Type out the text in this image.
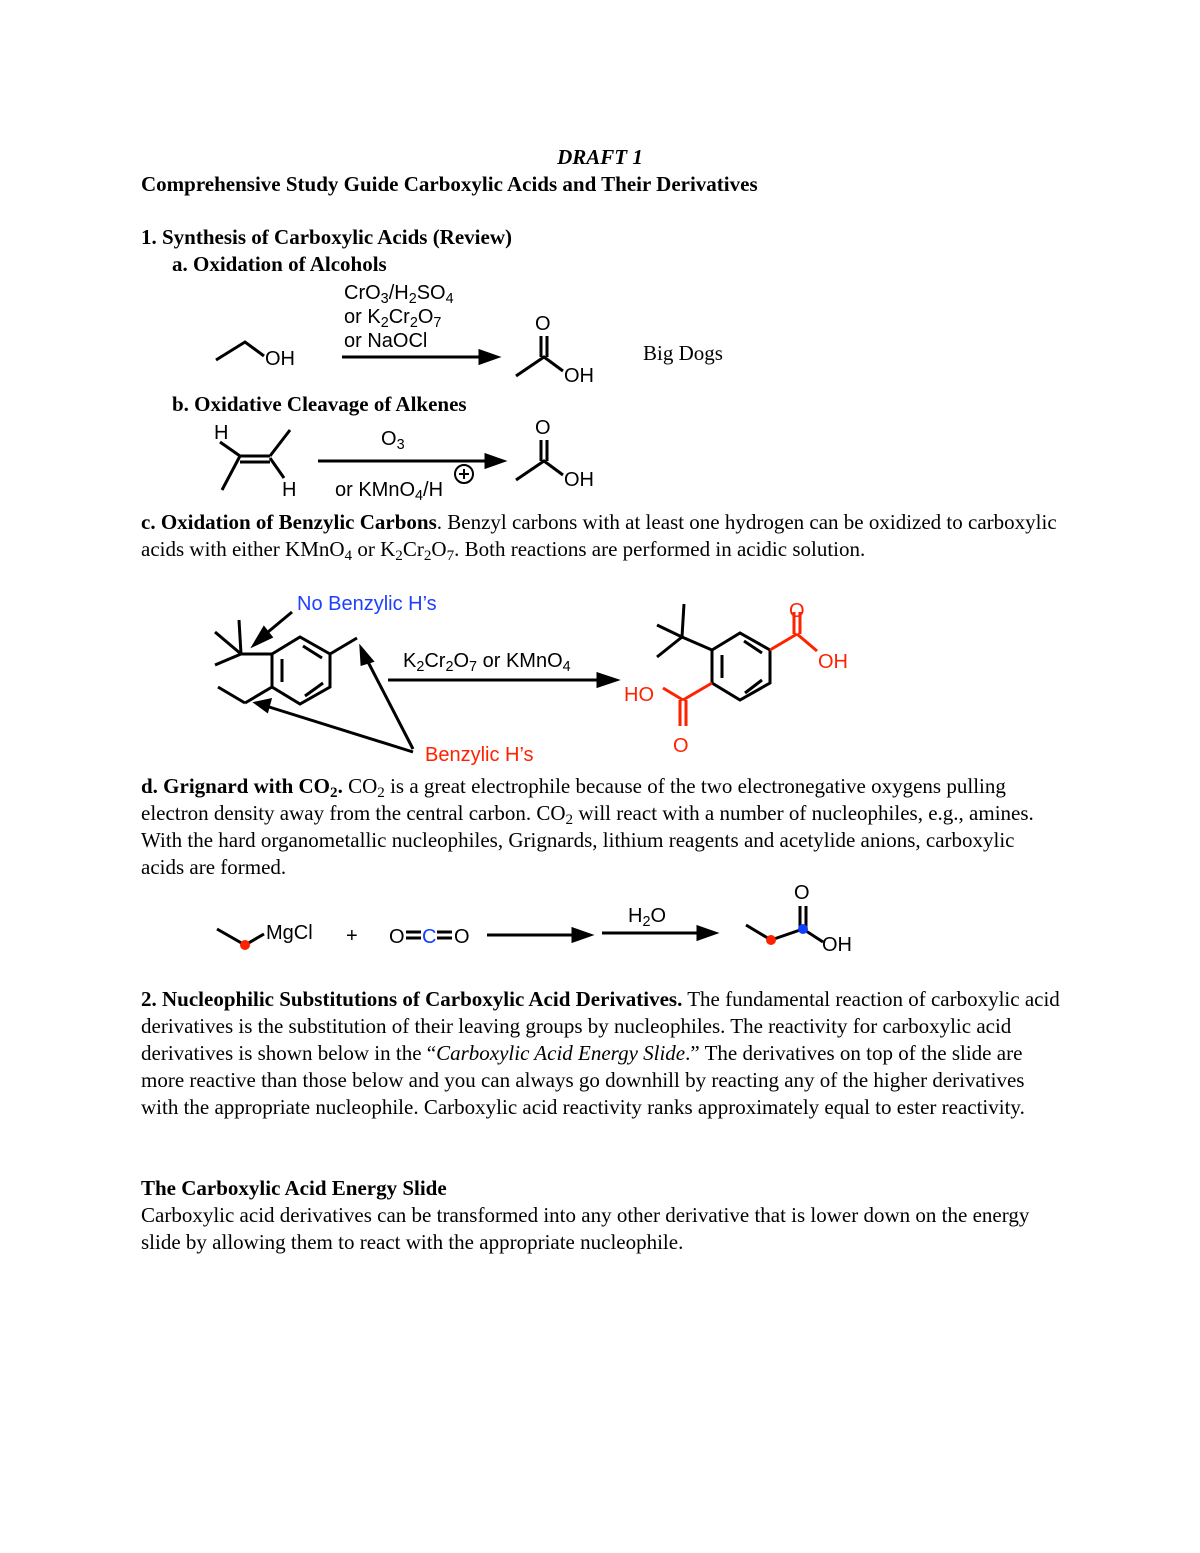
DRAFT 1
Comprehensive Study Guide Carboxylic Acids and Their Derivatives
1. Synthesis of Carboxylic Acids (Review)
a. Oxidation of Alcohols
OH
$CrO_3/H_2SO_4$
or $K_2Cr_2O_7$
or NaOCl
O
OH
Big Dogs
b. Oxidative Cleavage of Alkenes
H
H
$O_3$
or KMnO$_4$/H
O
OH
c. Oxidation of Benzylic Carbons. Benzyl carbons with at least one hydrogen can be oxidized to carboxylic acids with either KMnO$_4$ or $K_2Cr_2O_7$. Both reactions are performed in acidic solution.
No Benzylic H’s
Benzylic H’s
$K_2Cr_2O_7$ or KMnO$_4$
O
OH
HO
O
d. Grignard with $CO_2$. $CO_2$ is a great electrophile because of the two electronegative oxygens pulling electron density away from the central carbon. $CO_2$ will react with a number of nucleophiles, e.g., amines. With the hard organometallic nucleophiles, Grignards, lithium reagents and acetylide anions, carboxylic acids are formed.
MgCl + O C O
$H_2O$
O
OH
2. Nucleophilic Substitutions of Carboxylic Acid Derivatives. The fundamental reaction of carboxylic acid derivatives is the substitution of their leaving groups by nucleophiles. The reactivity for carboxylic acid derivatives is shown below in the “Carboxylic Acid Energy Slide.” The derivatives on top of the slide are more reactive than those below and you can always go downhill by reacting any of the higher derivatives with the appropriate nucleophile. Carboxylic acid reactivity ranks approximately equal to ester reactivity.
The Carboxylic Acid Energy Slide
Carboxylic acid derivatives can be transformed into any other derivative that is lower down on the energy slide by allowing them to react with the appropriate nucleophile.
